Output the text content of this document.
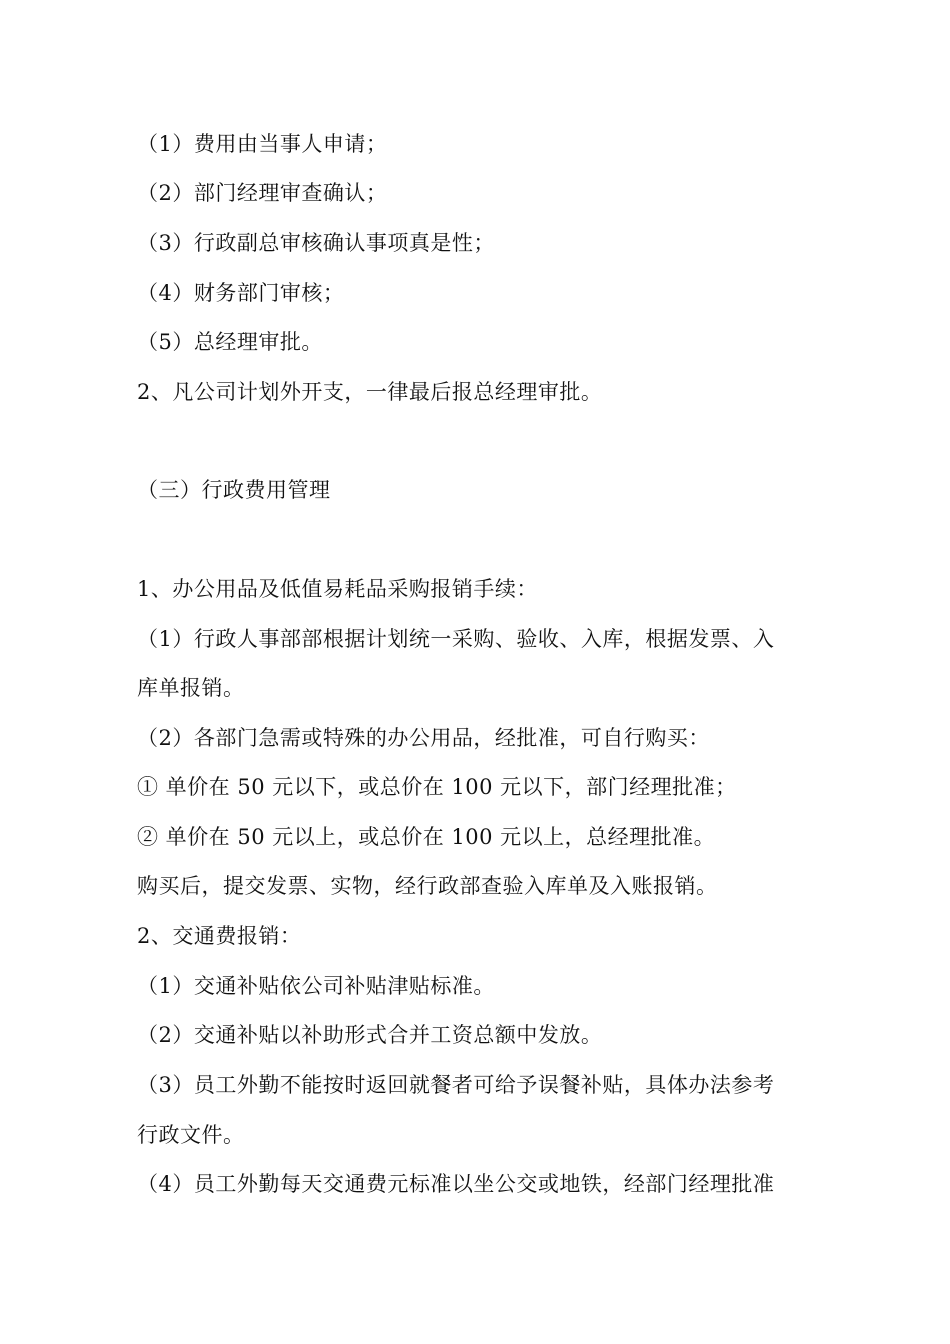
（1）费用由当事人申请；
（2）部门经理审查确认；
（3）行政副总审核确认事项真是性；
（4）财务部门审核；
（5）总经理审批。
2、凡公司计划外开支，一律最后报总经理审批。
（三）行政费用管理
1、办公用品及低值易耗品采购报销手续：
（1）行政人事部部根据计划统一采购、验收、入库，根据发票、入
库单报销。
（2）各部门急需或特殊的办公用品，经批准，可自行购买：
① 单价在 50 元以下，或总价在 100 元以下，部门经理批准；
② 单价在 50 元以上，或总价在 100 元以上，总经理批准。
购买后，提交发票、实物，经行政部查验入库单及入账报销。
2、交通费报销：
（1）交通补贴依公司补贴津贴标准。
（2）交通补贴以补助形式合并工资总额中发放。
（3）员工外勤不能按时返回就餐者可给予误餐补贴，具体办法参考
行政文件。
（4）员工外勤每天交通费元标准以坐公交或地铁，经部门经理批准
